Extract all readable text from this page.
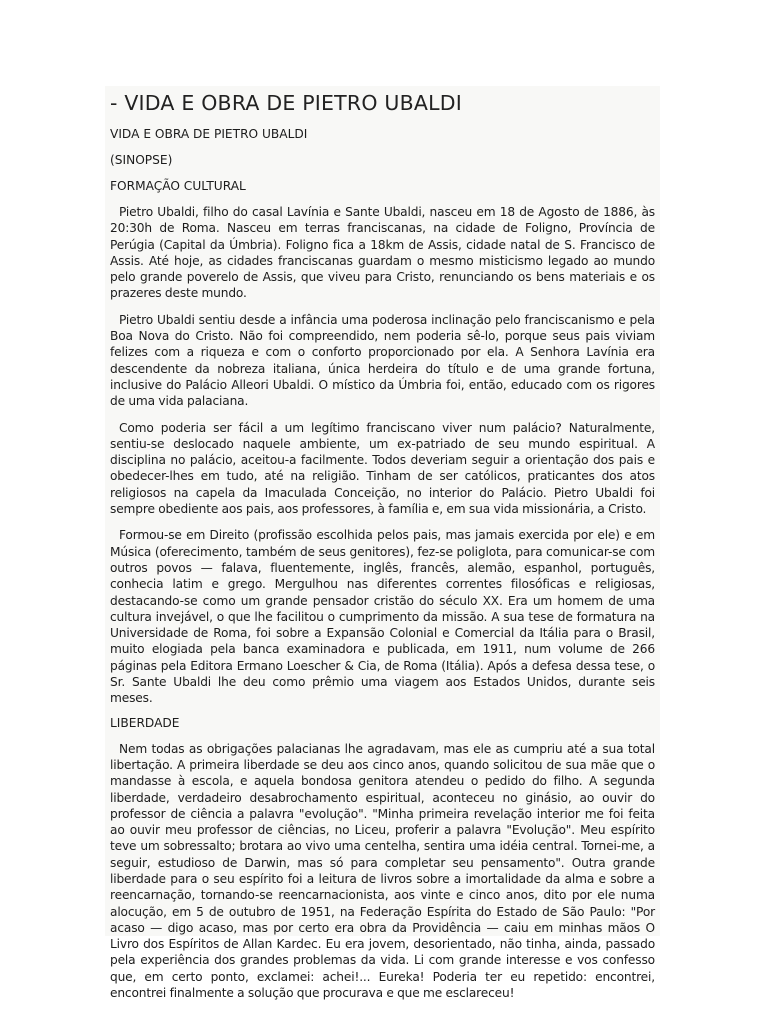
- VIDA E OBRA DE PIETRO UBALDI
VIDA E OBRA DE PIETRO UBALDI
(SINOPSE)
FORMAÇÃO CULTURAL

Pietro Ubaldi, filho do casal Lavínia e Sante Ubaldi, nasceu em 18 de Agosto de 1886, às 20:30h de Roma. Nasceu em terras franciscanas, na cidade de Foligno, Província de Perúgia (Capital da Úmbria). Foligno fica a 18km de Assis, cidade natal de S. Francisco de Assis. Até hoje, as cidades franciscanas guardam o mesmo misticismo legado ao mundo pelo grande poverelo de Assis, que viveu para Cristo, renunciando os bens materiais e os prazeres deste mundo.

Pietro Ubaldi sentiu desde a infância uma poderosa inclinação pelo franciscanismo e pela Boa Nova do Cristo. Não foi compreendido, nem poderia sê-lo, porque seus pais viviam felizes com a riqueza e com o conforto proporcionado por ela. A Senhora Lavínia era descendente da nobreza italiana, única herdeira do título e de uma grande fortuna, inclusive do Palácio Alleori Ubaldi. O místico da Úmbria foi, então, educado com os rigores de uma vida palaciana.

Como poderia ser fácil a um legítimo franciscano viver num palácio? Naturalmente, sentiu-se deslocado naquele ambiente, um ex-patriado de seu mundo espiritual. A disciplina no palácio, aceitou-a facilmente. Todos deveriam seguir a orientação dos pais e obedecer-lhes em tudo, até na religião. Tinham de ser católicos, praticantes dos atos religiosos na capela da Imaculada Conceição, no interior do Palácio. Pietro Ubaldi foi sempre obediente aos pais, aos professores, à família e, em sua vida missionária, a Cristo.

Formou-se em Direito (profissão escolhida pelos pais, mas jamais exercida por ele) e em Música (oferecimento, também de seus genitores), fez-se poliglota, para comunicar-se com outros povos — falava, fluentemente, inglês, francês, alemão, espanhol, português, conhecia latim e grego. Mergulhou nas diferentes correntes filosóficas e religiosas, destacando-se como um grande pensador cristão do século XX. Era um homem de uma cultura invejável, o que lhe facilitou o cumprimento da missão. A sua tese de formatura na Universidade de Roma, foi sobre a Expansão Colonial e Comercial da Itália para o Brasil, muito elogiada pela banca examinadora e publicada, em 1911, num volume de 266 páginas pela Editora Ermano Loescher & Cia, de Roma (Itália). Após a defesa dessa tese, o Sr. Sante Ubaldi lhe deu como prêmio uma viagem aos Estados Unidos, durante seis meses.

LIBERDADE

Nem todas as obrigações palacianas lhe agradavam, mas ele as cumpriu até a sua total libertação. A primeira liberdade se deu aos cinco anos, quando solicitou de sua mãe que o mandasse à escola, e aquela bondosa genitora atendeu o pedido do filho. A segunda liberdade, verdadeiro desabrochamento espiritual, aconteceu no ginásio, ao ouvir do professor de ciência a palavra "evolução". "Minha primeira revelação interior me foi feita ao ouvir meu professor de ciências, no Liceu, proferir a palavra "Evolução". Meu espírito teve um sobressalto; brotara ao vivo uma centelha, sentira uma idéia central. Tornei-me, a seguir, estudioso de Darwin, mas só para completar seu pensamento". Outra grande liberdade para o seu espírito foi a leitura de livros sobre a imortalidade da alma e sobre a reencarnação, tornando-se reencarnacionista, aos vinte e cinco anos, dito por ele numa alocução, em 5 de outubro de 1951, na Federação Espírita do Estado de São Paulo: "Por acaso — digo acaso, mas por certo era obra da Providência — caiu em minhas mãos O Livro dos Espíritos de Allan Kardec. Eu era jovem, desorientado, não tinha, ainda, passado pela experiência dos grandes problemas da vida. Li com grande interesse e vos confesso que, em certo ponto, exclamei: achei!... Eureka! Poderia ter eu repetido: encontrei, encontrei finalmente a solução que procurava e que me esclareceu!
